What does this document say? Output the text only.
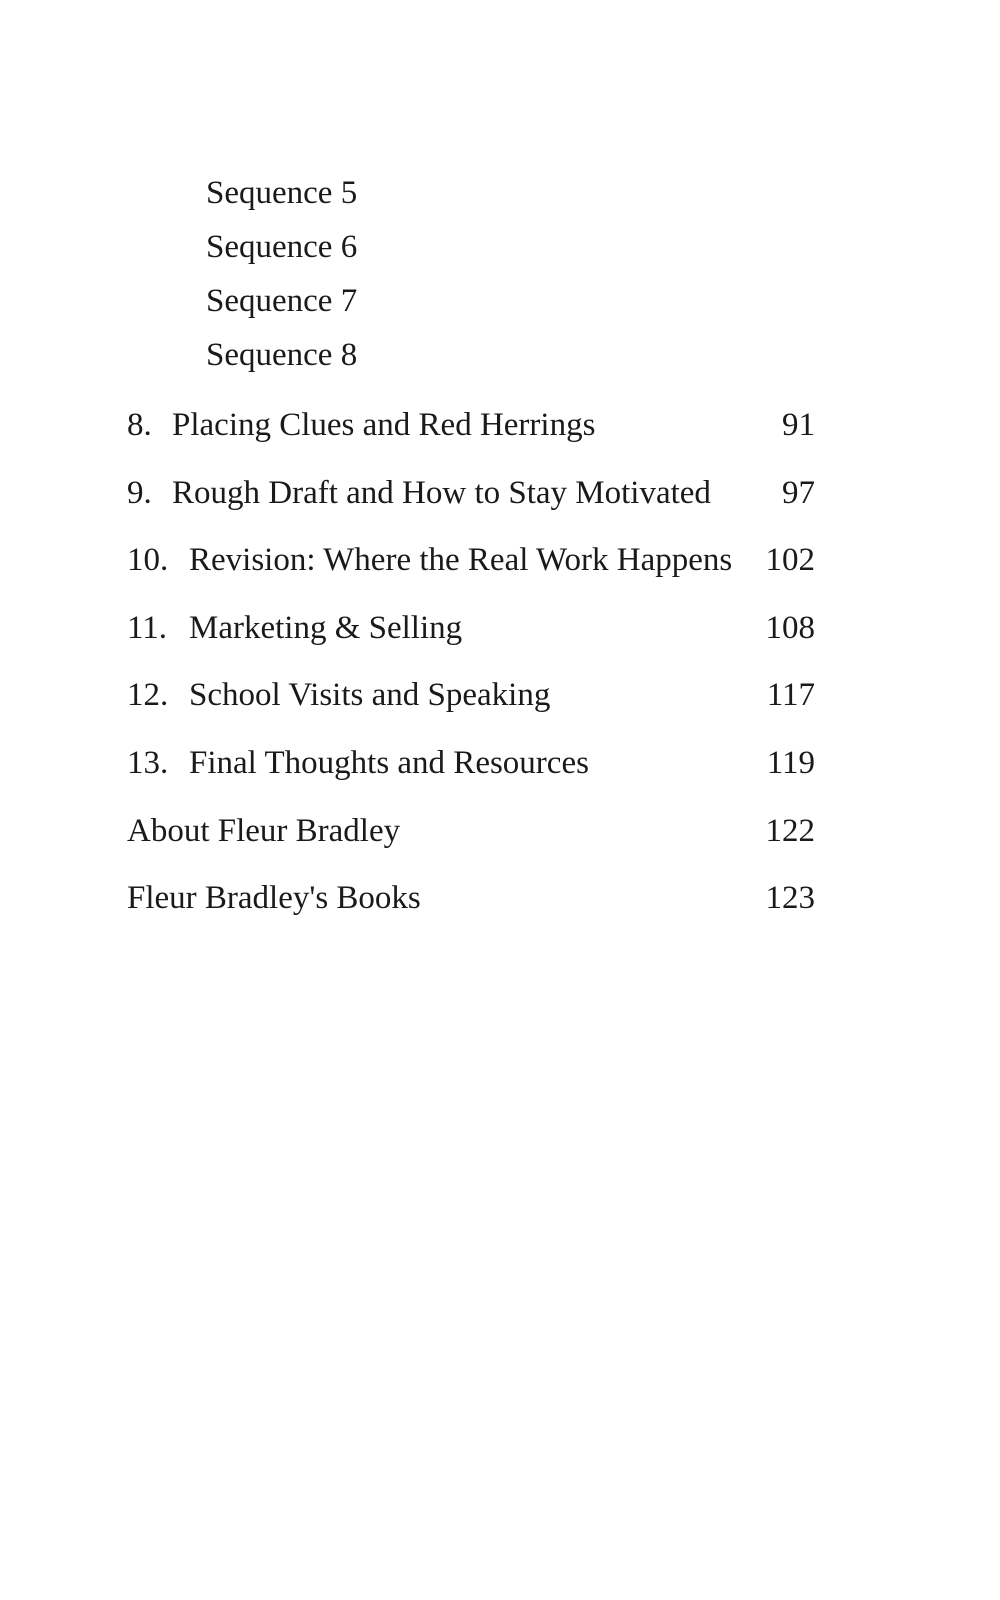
Sequence 5
Sequence 6
Sequence 7
Sequence 8
8. Placing Clues and Red Herrings	91
9. Rough Draft and How to Stay Motivated 97
10. Revision: Where the Real Work Happens 102
11. Marketing & Selling	108
12. School Visits and Speaking	117
13. Final Thoughts and Resources	119
About Fleur Bradley	122
Fleur Bradley's Books	123
